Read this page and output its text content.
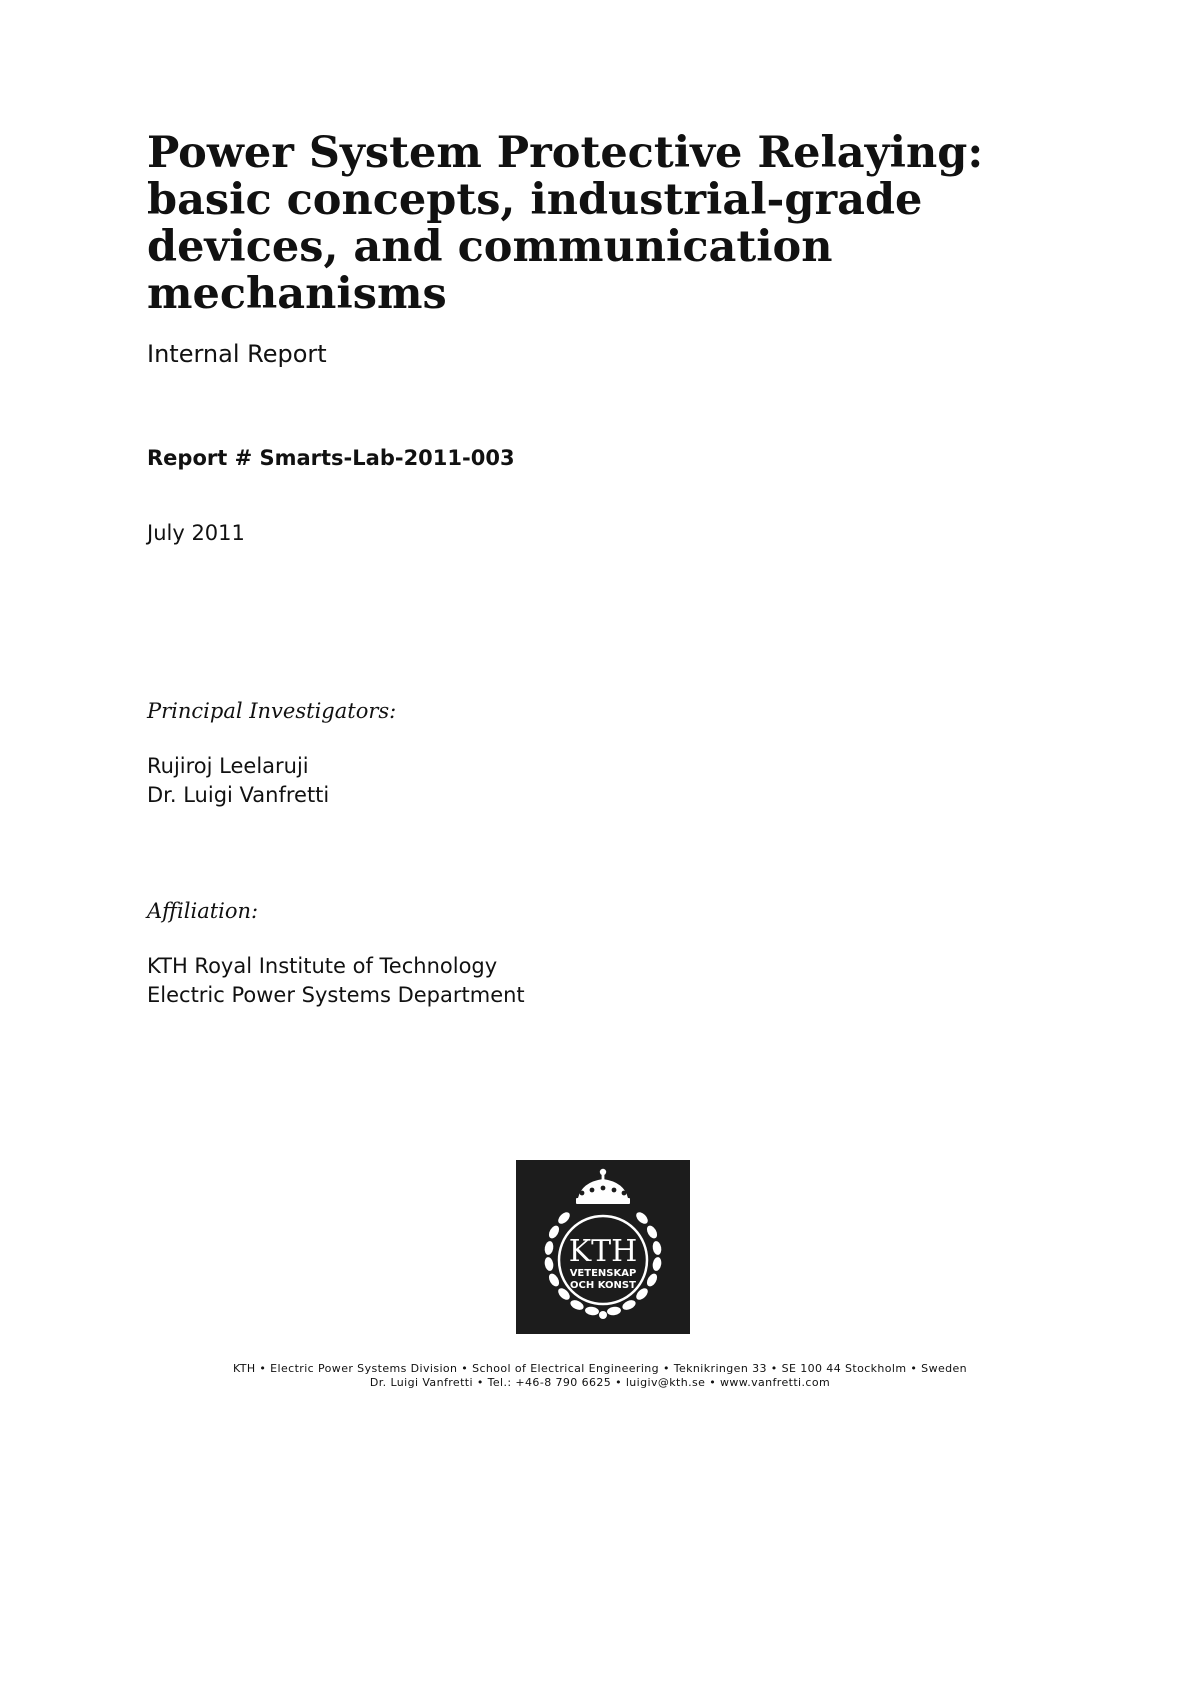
Power System Protective Relaying:
basic concepts, industrial-grade
devices, and communication
mechanisms
Internal Report
Report # Smarts-Lab-2011-003
July 2011
Principal Investigators:
Rujiroj Leelaruji
Dr. Luigi Vanfretti
Affiliation:
KTH Royal Institute of Technology
Electric Power Systems Department
KTH
VETENSKAP
OCH KONST
KTH • Electric Power Systems Division • School of Electrical Engineering • Teknikringen 33 • SE 100 44 Stockholm • Sweden
Dr. Luigi Vanfretti • Tel.: +46-8 790 6625 • luigiv@kth.se • www.vanfretti.com
